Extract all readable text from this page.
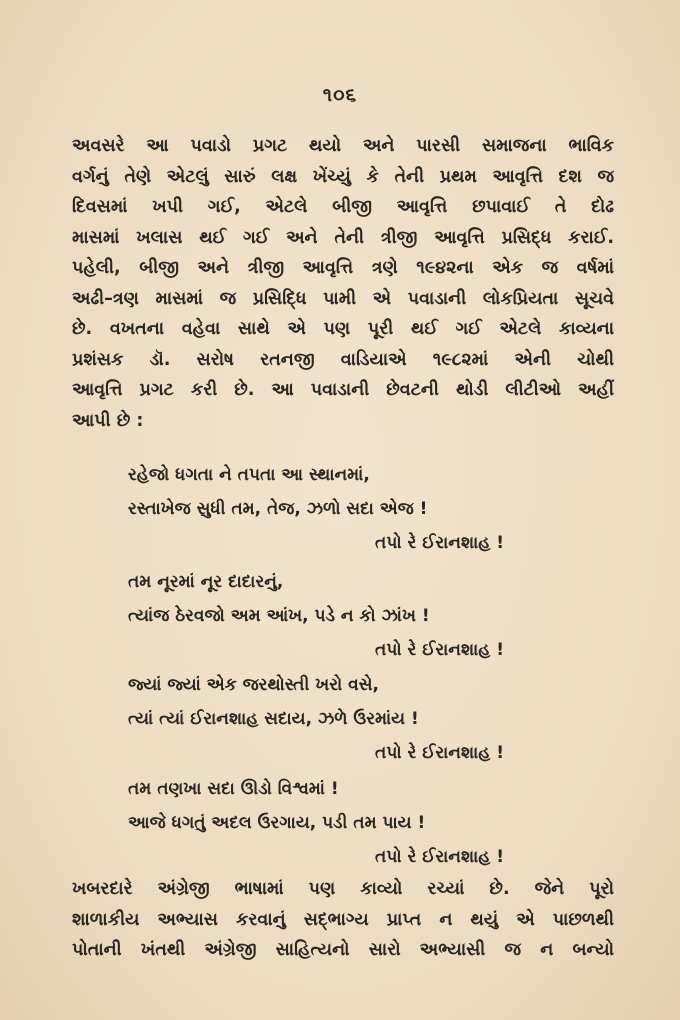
૧૦૬
અવસરે આ પવાડો પ્રગટ થયો અને પારસી સમાજના ભાવિક
વર્ગનું તેણે એટલું સારું લક્ષ ખેંચ્યું કે તેની પ્રથમ આવૃત્તિ દશ જ
દિવસમાં ખપી ગઈ, એટલે બીજી આવૃત્તિ છપાવાઈ તે દોઢ
માસમાં ખલાસ થઈ ગઈ અને તેની ત્રીજી આવૃત્તિ પ્રસિદ્ધ કરાઈ.
પહેલી, બીજી અને ત્રીજી આવૃત્તિ ત્રણે ૧૯૪૨ના એક જ વર્ષમાં
અઢી–ત્રણ માસમાં જ પ્રસિદ્ધિ પામી એ પવાડાની લોકપ્રિયતા સૂચવે
છે. વખતના વહેવા સાથે એ પણ પૂરી થઈ ગઈ એટલે કાવ્યના
પ્રશંસક ડૉ. સરોષ રતનજી વાડિયાએ ૧૯૮૨માં એની ચોથી
આવૃત્તિ પ્રગટ કરી છે. આ પવાડાની છેવટની થોડી લીટીઓ અહીં
આપી છે :
રહેજો ધગતા ને તપતા આ સ્થાનમાં,
રસ્તાખેજ સુધી તમ, તેજ, ઝળો સદા એજ !
તપો રે ઈરાનશાહ !
તમ નૂરમાં નૂર દાદારનું,
ત્યાંજ ઠેરવજો અમ આંખ, પડે ન કો ઝાંખ !
તપો રે ઈરાનશાહ !
જ્યાં જ્યાં એક જરથોસ્તી ખરો વસે,
ત્યાં ત્યાં ઈરાનશાહ સદાય, ઝળે ઉરમાંય !
તપો રે ઈરાનશાહ !
તમ તણખા સદા ઊડો વિશ્વમાં !
આજે ધગતું અદલ ઉરગાય, પડી તમ પાય !
તપો રે ઈરાનશાહ !
ખબરદારે અંગ્રેજી ભાષામાં પણ કાવ્યો રચ્યાં છે. જેને પૂરો
શાળાકીય અભ્યાસ કરવાનું સદ્ભાગ્ય પ્રાપ્ત ન થયું એ પાછળથી
પોતાની ખંતથી અંગ્રેજી સાહિત્યનો સારો અભ્યાસી જ ન બન્યો
